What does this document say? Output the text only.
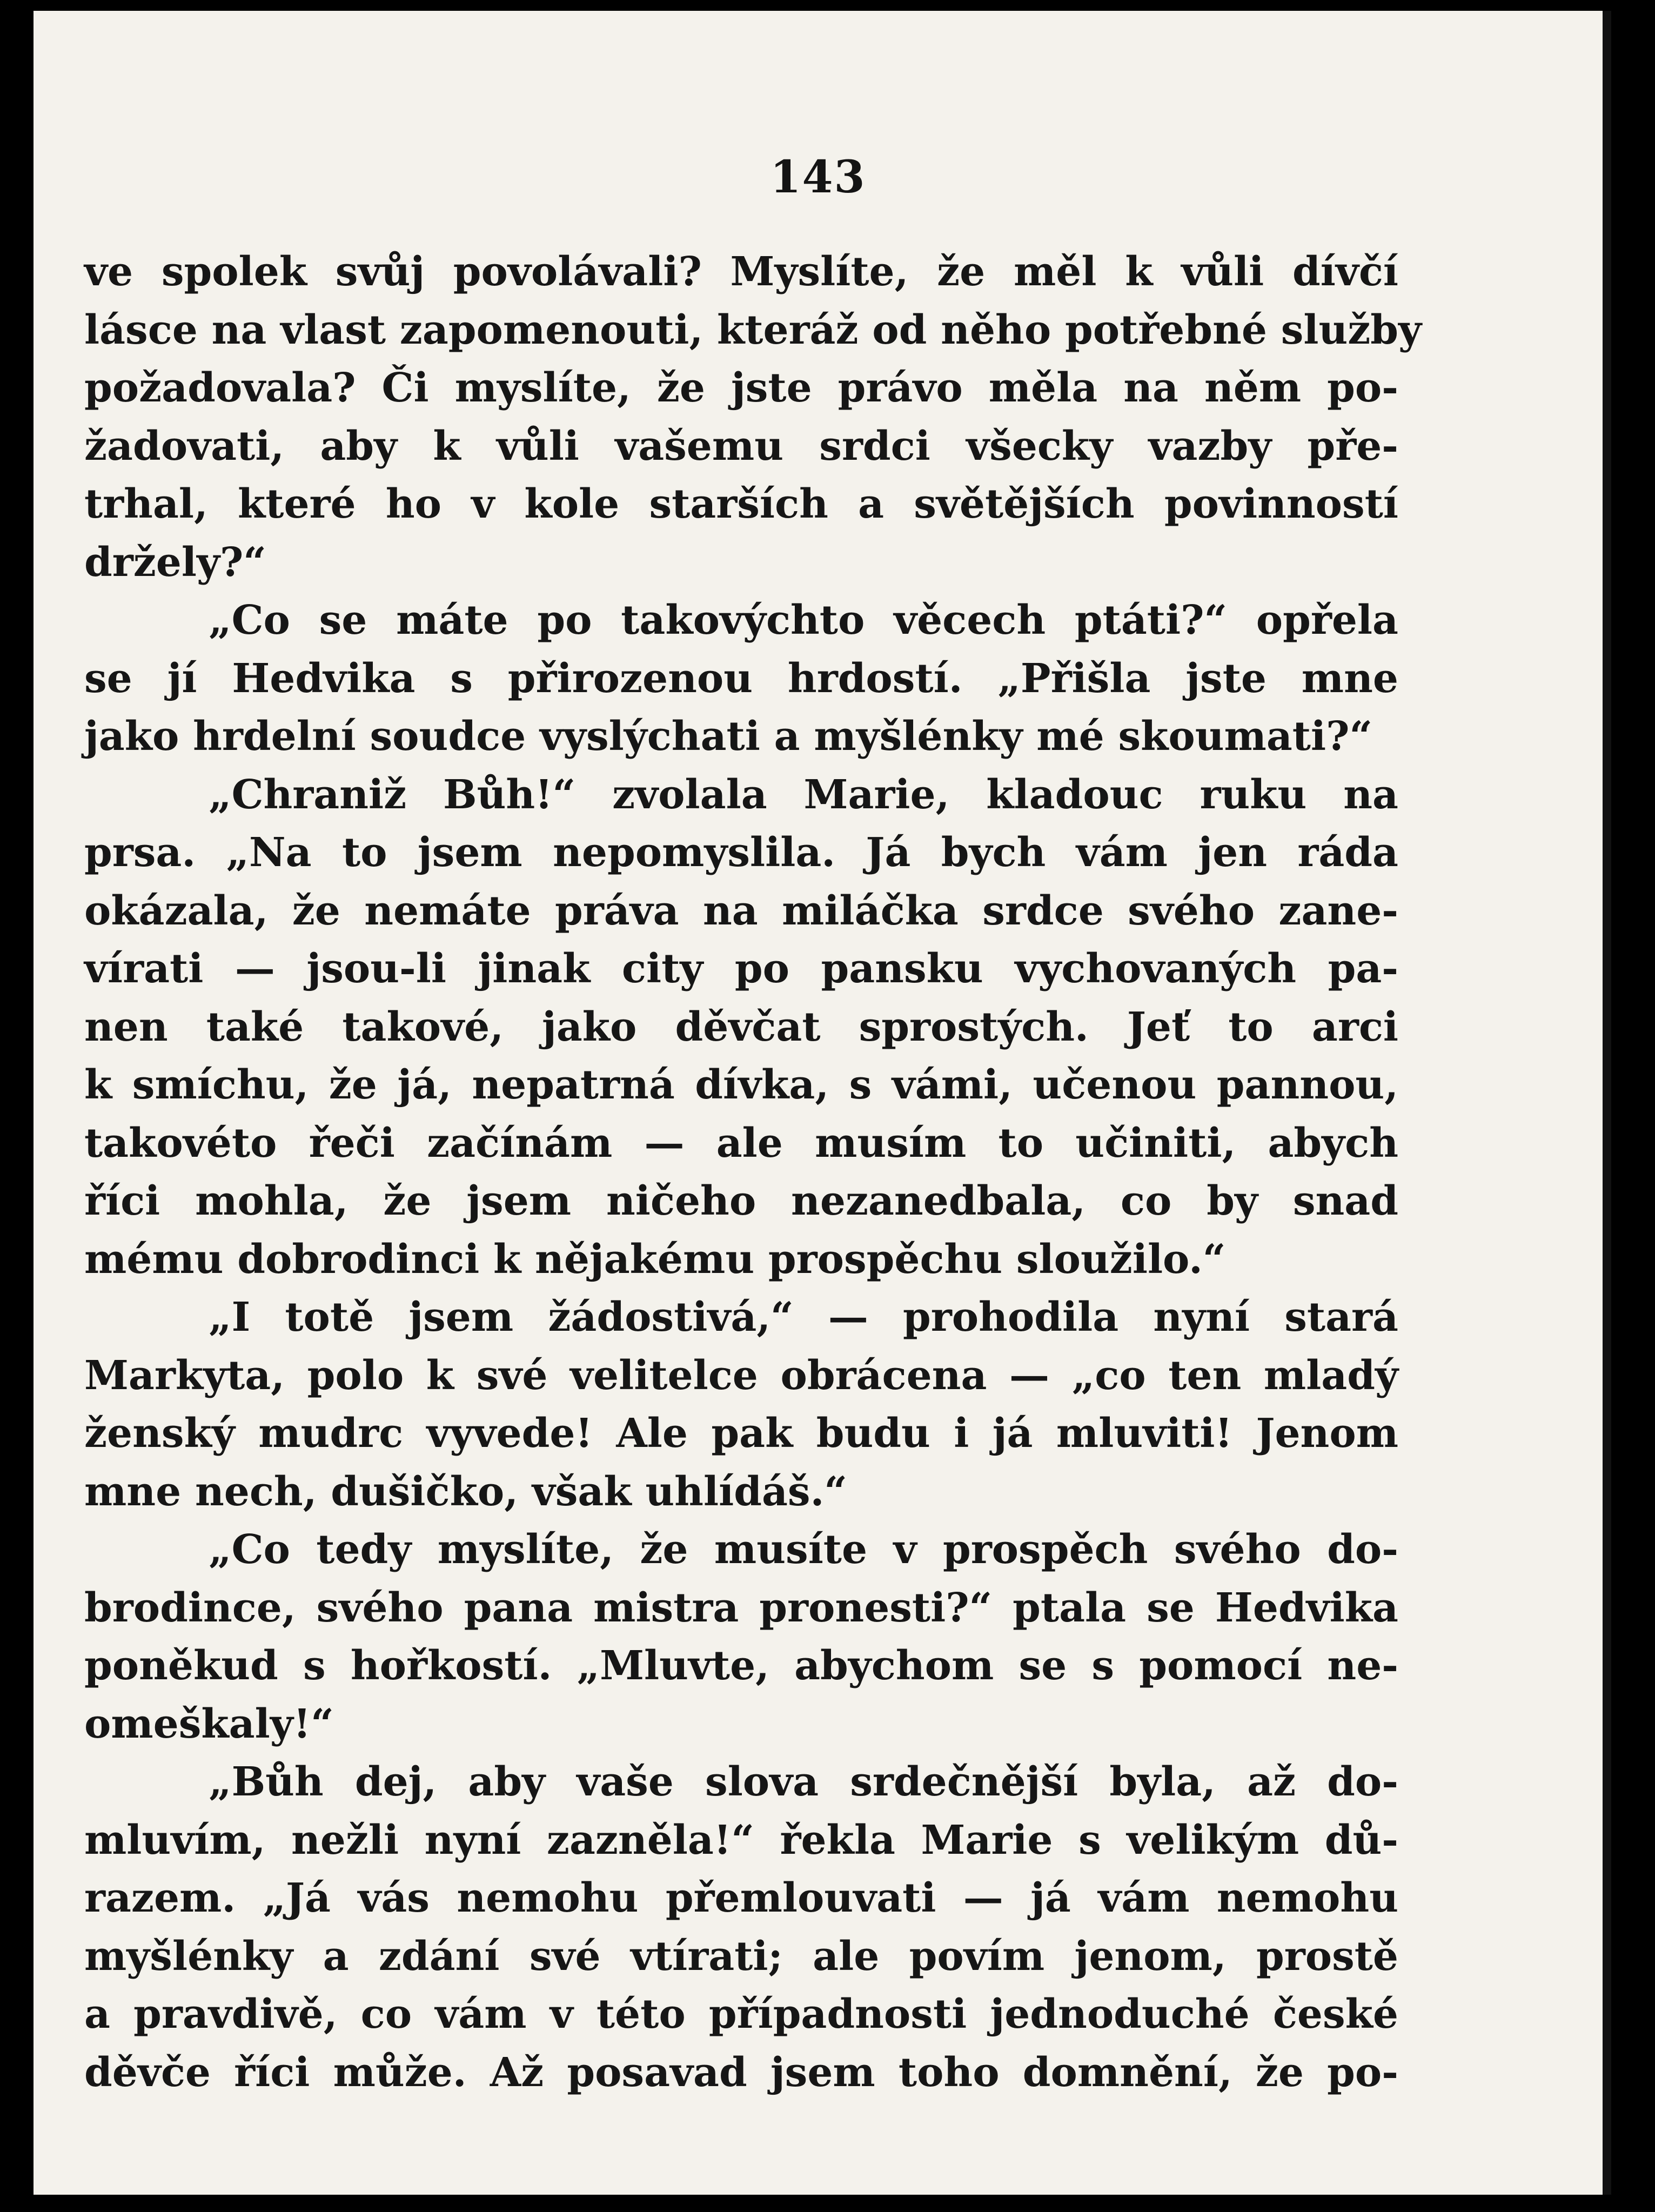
143
ve spolek svůj povolávali? Myslíte, že měl k vůli dívčí
lásce na vlast zapomenouti, kteráž od něho potřebné služby
požadovala? Či myslíte, že jste právo měla na něm po-
žadovati, aby k vůli vašemu srdci všecky vazby pře-
trhal, které ho v kole starších a světějších povinností
držely?“
„Co se máte po takovýchto věcech ptáti?“ opřela
se jí Hedvika s přirozenou hrdostí. „Přišla jste mne
jako hrdelní soudce vyslýchati a myšlénky mé skoumati?“
„Chraniž Bůh!“ zvolala Marie, kladouc ruku na
prsa. „Na to jsem nepomyslila. Já bych vám jen ráda
okázala, že nemáte práva na miláčka srdce svého zane-
vírati — jsou-li jinak city po pansku vychovaných pa-
nen také takové, jako děvčat sprostých. Jeť to arci
k smíchu, že já, nepatrná dívka, s vámi, učenou pannou,
takovéto řeči začínám — ale musím to učiniti, abych
říci mohla, že jsem ničeho nezanedbala, co by snad
mému dobrodinci k nějakému prospěchu sloužilo.“
„I totě jsem žádostivá,“ — prohodila nyní stará
Markyta, polo k své velitelce obrácena — „co ten mladý
ženský mudrc vyvede! Ale pak budu i já mluviti! Jenom
mne nech, dušičko, však uhlídáš.“
„Co tedy myslíte, že musíte v prospěch svého do-
brodince, svého pana mistra pronesti?“ ptala se Hedvika
poněkud s hořkostí. „Mluvte, abychom se s pomocí ne-
omeškaly!“
„Bůh dej, aby vaše slova srdečnější byla, až do-
mluvím, nežli nyní zazněla!“ řekla Marie s velikým dů-
razem. „Já vás nemohu přemlouvati — já vám nemohu
myšlénky a zdání své vtírati; ale povím jenom, prostě
a pravdivě, co vám v této případnosti jednoduché české
děvče říci může. Až posavad jsem toho domnění, že po-
